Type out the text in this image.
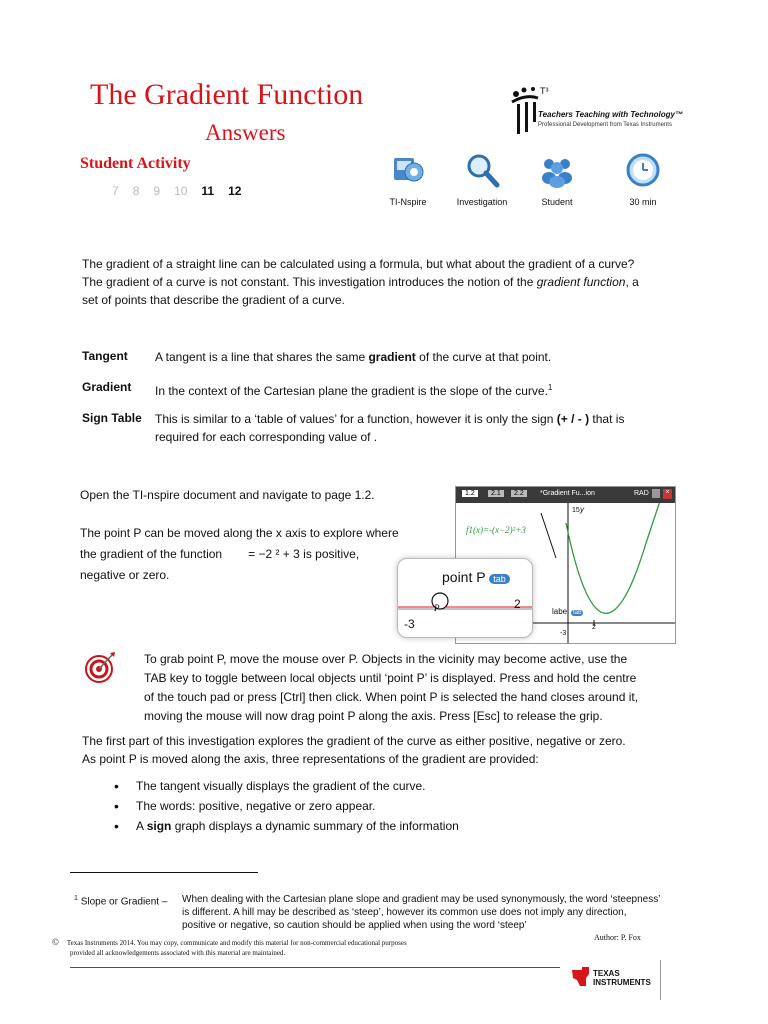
The Gradient Function
Answers
Student Activity
7 8 9 10 11 12
T³
Teachers Teaching with Technology™
Professional Development from Texas Instruments
TI-Nspire	Investigation	Student	30 min
The gradient of a straight line can be calculated using a formula, but what about the gradient of a curve?
The gradient of a curve is not constant. This investigation introduces the notion of the gradient function, a
set of points that describe the gradient of a curve.
Tangent A tangent is a line that shares the same gradient of the curve at that point.
Gradient In the context of the Cartesian plane the gradient is the slope of the curve.$^1$
Sign Table This is similar to a ‘table of values’ for a function, however it is only the sign (+ / - ) that is
required for each corresponding value of .
Open the TI-nspire document and navigate to page 1.2.
The point P can be moved along the x axis to explore where
the gradient of the function = −2 ² + 3 is positive,
negative or zero.
1.2	2.1	2.2	*Gradient Fu...ion	RAD	×
f1(x)=-(x−2)²+3
15 y
label tab
2
-3
point P tab
P	2
-3
To grab point P, move the mouse over P. Objects in the vicinity may become active, use the
TAB key to toggle between local objects until ‘point P’ is displayed. Press and hold the centre
of the touch pad or press [Ctrl] then click. When point P is selected the hand closes around it,
moving the mouse will now drag point P along the axis. Press [Esc] to release the grip.
The first part of this investigation explores the gradient of the curve as either positive, negative or zero.
As point P is moved along the axis, three representations of the gradient are provided:
• The tangent visually displays the gradient of the curve.
• The words: positive, negative or zero appear.
• A sign graph displays a dynamic summary of the information
$^1$ Slope or Gradient – When dealing with the Cartesian plane slope and gradient may be used synonymously, the word ‘steepness’
is different. A hill may be described as ‘steep’, however its common use does not imply any direction,
positive or negative, so caution should be applied when using the word ‘steep’
© Texas Instruments 2014. You may copy, communicate and modify this material for non-commercial educational purposes
provided all acknowledgements associated with this material are maintained.
Author: P. Fox
TEXAS
INSTRUMENTS
